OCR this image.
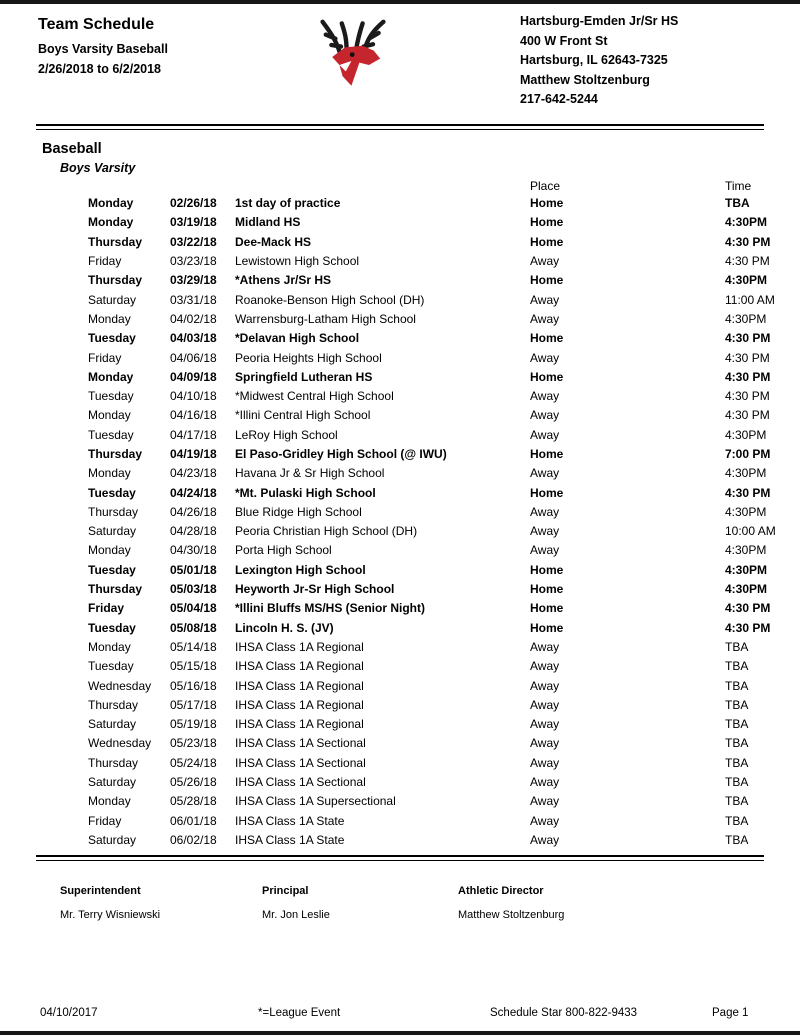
Team Schedule
Boys Varsity Baseball
2/26/2018 to 6/2/2018
Hartsburg-Emden Jr/Sr HS
400 W Front St
Hartsburg, IL 62643-7325
Matthew Stoltzenburg
217-642-5244
Baseball
Boys Varsity
			Place	Time
Monday	02/26/18	1st day of practice	Home	TBA
Monday	03/19/18	Midland HS	Home	4:30PM
Thursday	03/22/18	Dee-Mack HS	Home	4:30 PM
Friday	03/23/18	Lewistown High School	Away	4:30 PM
Thursday	03/29/18	*Athens Jr/Sr HS	Home	4:30PM
Saturday	03/31/18	Roanoke-Benson High School (DH)	Away	11:00 AM
Monday	04/02/18	Warrensburg-Latham High School	Away	4:30PM
Tuesday	04/03/18	*Delavan High School	Home	4:30 PM
Friday	04/06/18	Peoria Heights High School	Away	4:30 PM
Monday	04/09/18	Springfield Lutheran HS	Home	4:30 PM
Tuesday	04/10/18	*Midwest Central High School	Away	4:30 PM
Monday	04/16/18	*Illini Central High School	Away	4:30 PM
Tuesday	04/17/18	LeRoy High School	Away	4:30PM
Thursday	04/19/18	El Paso-Gridley High School (@ IWU)	Home	7:00 PM
Monday	04/23/18	Havana Jr & Sr High School	Away	4:30PM
Tuesday	04/24/18	*Mt. Pulaski High School	Home	4:30 PM
Thursday	04/26/18	Blue Ridge High School	Away	4:30PM
Saturday	04/28/18	Peoria Christian High School (DH)	Away	10:00 AM
Monday	04/30/18	Porta High School	Away	4:30PM
Tuesday	05/01/18	Lexington High School	Home	4:30PM
Thursday	05/03/18	Heyworth Jr-Sr High School	Home	4:30PM
Friday	05/04/18	*Illini Bluffs MS/HS (Senior Night)	Home	4:30 PM
Tuesday	05/08/18	Lincoln H. S. (JV)	Home	4:30 PM
Monday	05/14/18	IHSA Class 1A Regional	Away	TBA
Tuesday	05/15/18	IHSA Class 1A Regional	Away	TBA
Wednesday	05/16/18	IHSA Class 1A Regional	Away	TBA
Thursday	05/17/18	IHSA Class 1A Regional	Away	TBA
Saturday	05/19/18	IHSA Class 1A Regional	Away	TBA
Wednesday	05/23/18	IHSA Class 1A Sectional	Away	TBA
Thursday	05/24/18	IHSA Class 1A Sectional	Away	TBA
Saturday	05/26/18	IHSA Class 1A Sectional	Away	TBA
Monday	05/28/18	IHSA Class 1A Supersectional	Away	TBA
Friday	06/01/18	IHSA Class 1A State	Away	TBA
Saturday	06/02/18	IHSA Class 1A State	Away	TBA
Superintendent
Mr. Terry Wisniewski
Principal
Mr. Jon Leslie
Athletic Director
Matthew Stoltzenburg
04/10/2017	*=League Event	Schedule Star 800-822-9433	Page 1
